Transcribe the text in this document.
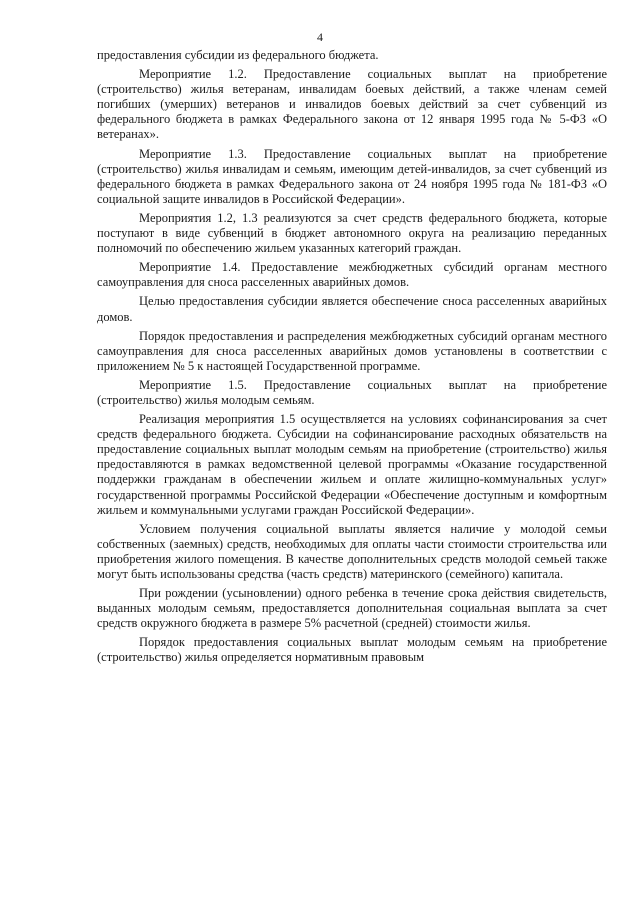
4

предоставления субсидии из федерального бюджета.

Мероприятие 1.2. Предоставление социальных выплат на приобретение (строительство) жилья ветеранам, инвалидам боевых действий, а также членам семей погибших (умерших) ветеранов и инвалидов боевых действий за счет субвенций из федерального бюджета в рамках Федерального закона от 12 января 1995 года № 5-ФЗ «О ветеранах».

Мероприятие 1.3. Предоставление социальных выплат на приобретение (строительство) жилья инвалидам и семьям, имеющим детей-инвалидов, за счет субвенций из федерального бюджета в рамках Федерального закона от 24 ноября 1995 года № 181-ФЗ «О социальной защите инвалидов в Российской Федерации».

Мероприятия 1.2, 1.3 реализуются за счет средств федерального бюджета, которые поступают в виде субвенций в бюджет автономного округа на реализацию переданных полномочий по обеспечению жильем указанных категорий граждан.

Мероприятие 1.4. Предоставление межбюджетных субсидий органам местного самоуправления для сноса расселенных аварийных домов.

Целью предоставления субсидии является обеспечение сноса расселенных аварийных домов.

Порядок предоставления и распределения межбюджетных субсидий органам местного самоуправления для сноса расселенных аварийных домов установлены в соответствии с приложением № 5 к настоящей Государственной программе.

Мероприятие 1.5. Предоставление социальных выплат на приобретение (строительство) жилья молодым семьям.

Реализация мероприятия 1.5 осуществляется на условиях софинансирования за счет средств федерального бюджета. Субсидии на софинансирование расходных обязательств на предоставление социальных выплат молодым семьям на приобретение (строительство) жилья предоставляются в рамках ведомственной целевой программы «Оказание государственной поддержки гражданам в обеспечении жильем и оплате жилищно-коммунальных услуг» государственной программы Российской Федерации «Обеспечение доступным и комфортным жильем и коммунальными услугами граждан Российской Федерации».

Условием получения социальной выплаты является наличие у молодой семьи собственных (заемных) средств, необходимых для оплаты части стоимости строительства или приобретения жилого помещения. В качестве дополнительных средств молодой семьей также могут быть использованы средства (часть средств) материнского (семейного) капитала.

При рождении (усыновлении) одного ребенка в течение срока действия свидетельств, выданных молодым семьям, предоставляется дополнительная социальная выплата за счет средств окружного бюджета в размере 5% расчетной (средней) стоимости жилья.

Порядок предоставления социальных выплат молодым семьям на приобретение (строительство) жилья определяется нормативным правовым
